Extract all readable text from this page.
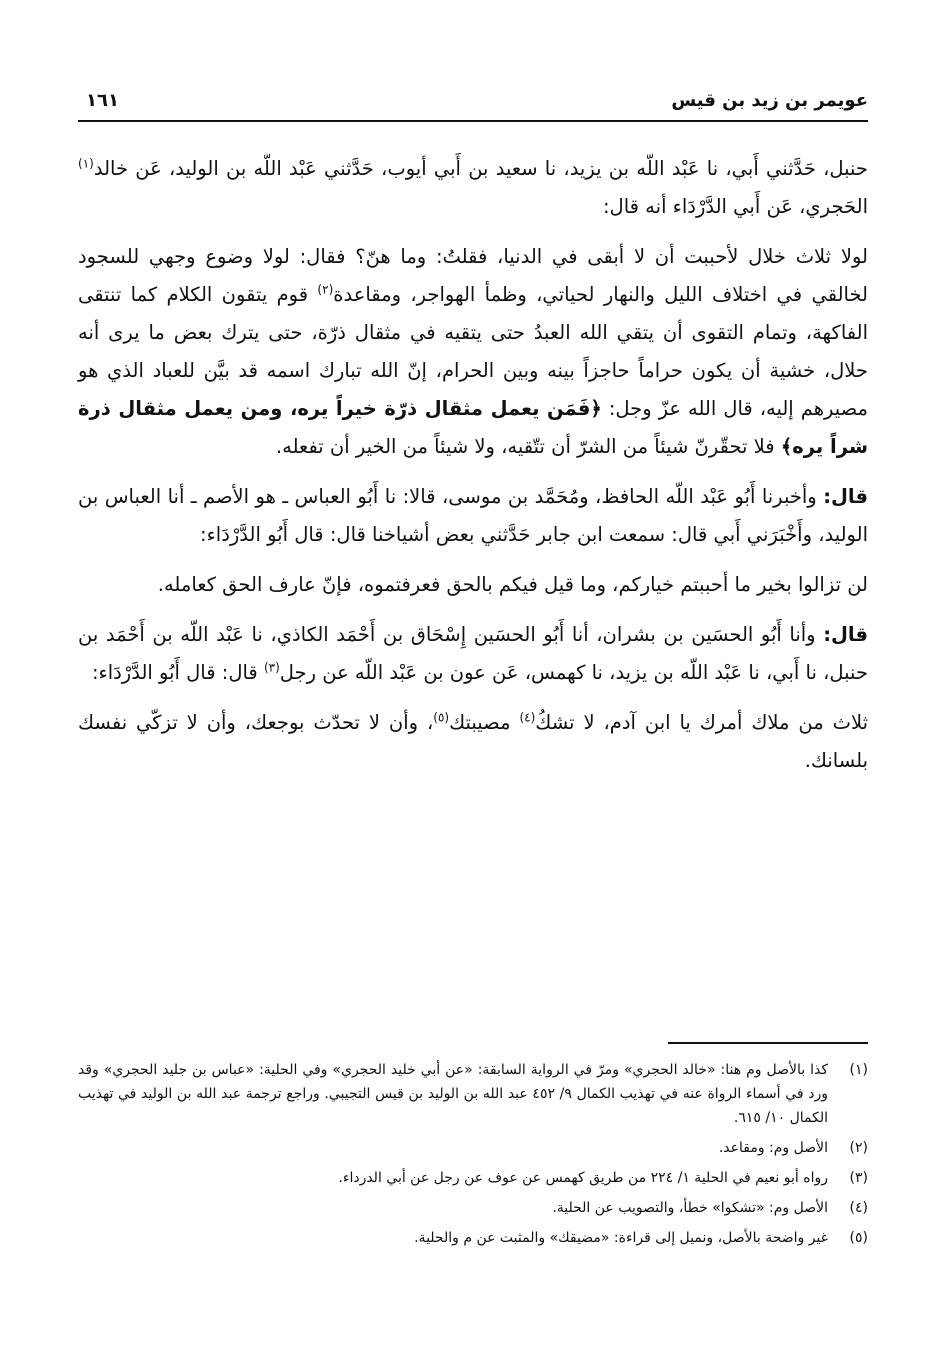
عويمر بن زيد بن قيس
١٦١

حنبل، حَدَّثني أَبي، نا عَبْد اللّه بن يزيد، نا سعيد بن أَبي أيوب، حَدَّثني عَبْد اللّه بن الوليد، عَن خالد$^{(١)}$ الحَجري، عَن أَبي الدَّرْدَاء أنه قال:

لولا ثلاث خلال لأحببت أن لا أبقى في الدنيا، فقلتُ: وما هنّ؟ فقال: لولا وضوع وجهي للسجود لخالقي في اختلاف الليل والنهار لحياتي، وظمأ الهواجر، ومقاعدة$^{(٢)}$ قوم يتقون الكلام كما تنتقى الفاكهة، وتمام التقوى أن يتقي الله العبدُ حتى يتقيه في مثقال ذرّة، حتى يترك بعض ما يرى أنه حلال، خشية أن يكون حراماً حاجزاً بينه وبين الحرام، إنّ الله تبارك اسمه قد بيَّن للعباد الذي هو مصيرهم إليه، قال الله عزّ وجل: ﴿فَمَن يعمل مثقال ذرّة خيراً يره، ومن يعمل مثقال ذرة شراً يره﴾ فلا تحقّرنّ شيئاً من الشرّ أن تتّقيه، ولا شيئاً من الخير أن تفعله.

قال: وأخبرنا أَبُو عَبْد اللّه الحافظ، ومُحَمَّد بن موسى، قالا: نا أَبُو العباس ـ هو الأصم ـ أنا العباس بن الوليد، وأَخْبَرَني أَبي قال: سمعت ابن جابر حَدَّثني بعض أشياخنا قال: قال أَبُو الدَّرْدَاء:

لن تزالوا بخير ما أحببتم خياركم، وما قيل فيكم بالحق فعرفتموه، فإنّ عارف الحق كعامله.

قال: وأنا أَبُو الحسَين بن بشران، أنا أَبُو الحسَين إِسْحَاق بن أَحْمَد الكاذي، نا عَبْد اللّه بن أَحْمَد بن حنبل، نا أَبي، نا عَبْد اللّه بن يزيد، نا كهمس، عَن عون بن عَبْد اللّه عن رجل$^{(٣)}$ قال: قال أَبُو الدَّرْدَاء:

ثلاث من ملاك أمرك يا ابن آدم، لا تشكُ$^{(٤)}$ مصيبتك$^{(٥)}$، وأن لا تحدّث بوجعك، وأن لا تزكّي نفسك بلسانك.

(١)
كذا بالأصل وم هنا: «خالد الحجري» ومرّ في الرواية السابقة: «عن أبي خليد الحجري» وفي الحلية: «عباس بن جليد الحجري» وقد ورد في أسماء الرواة عنه في تهذيب الكمال ٩/ ٤٥٢ عبد الله بن الوليد بن قيس التجيبي. وراجع ترجمة عبد الله بن الوليد في تهذيب الكمال ١٠/ ٦١٥.
(٢)
الأصل وم: ومقاعد.
(٣)
رواه أبو نعيم في الحلية ١/ ٢٢٤ من طريق كهمس عن عوف عن رجل عن أبي الدرداء.
(٤)
الأصل وم: «تشكوا» خطأ، والتصويب عن الحلية.
(٥)
غير واضحة بالأصل، ونميل إلى قراءة: «مضيقك» والمثبت عن م والحلية.
